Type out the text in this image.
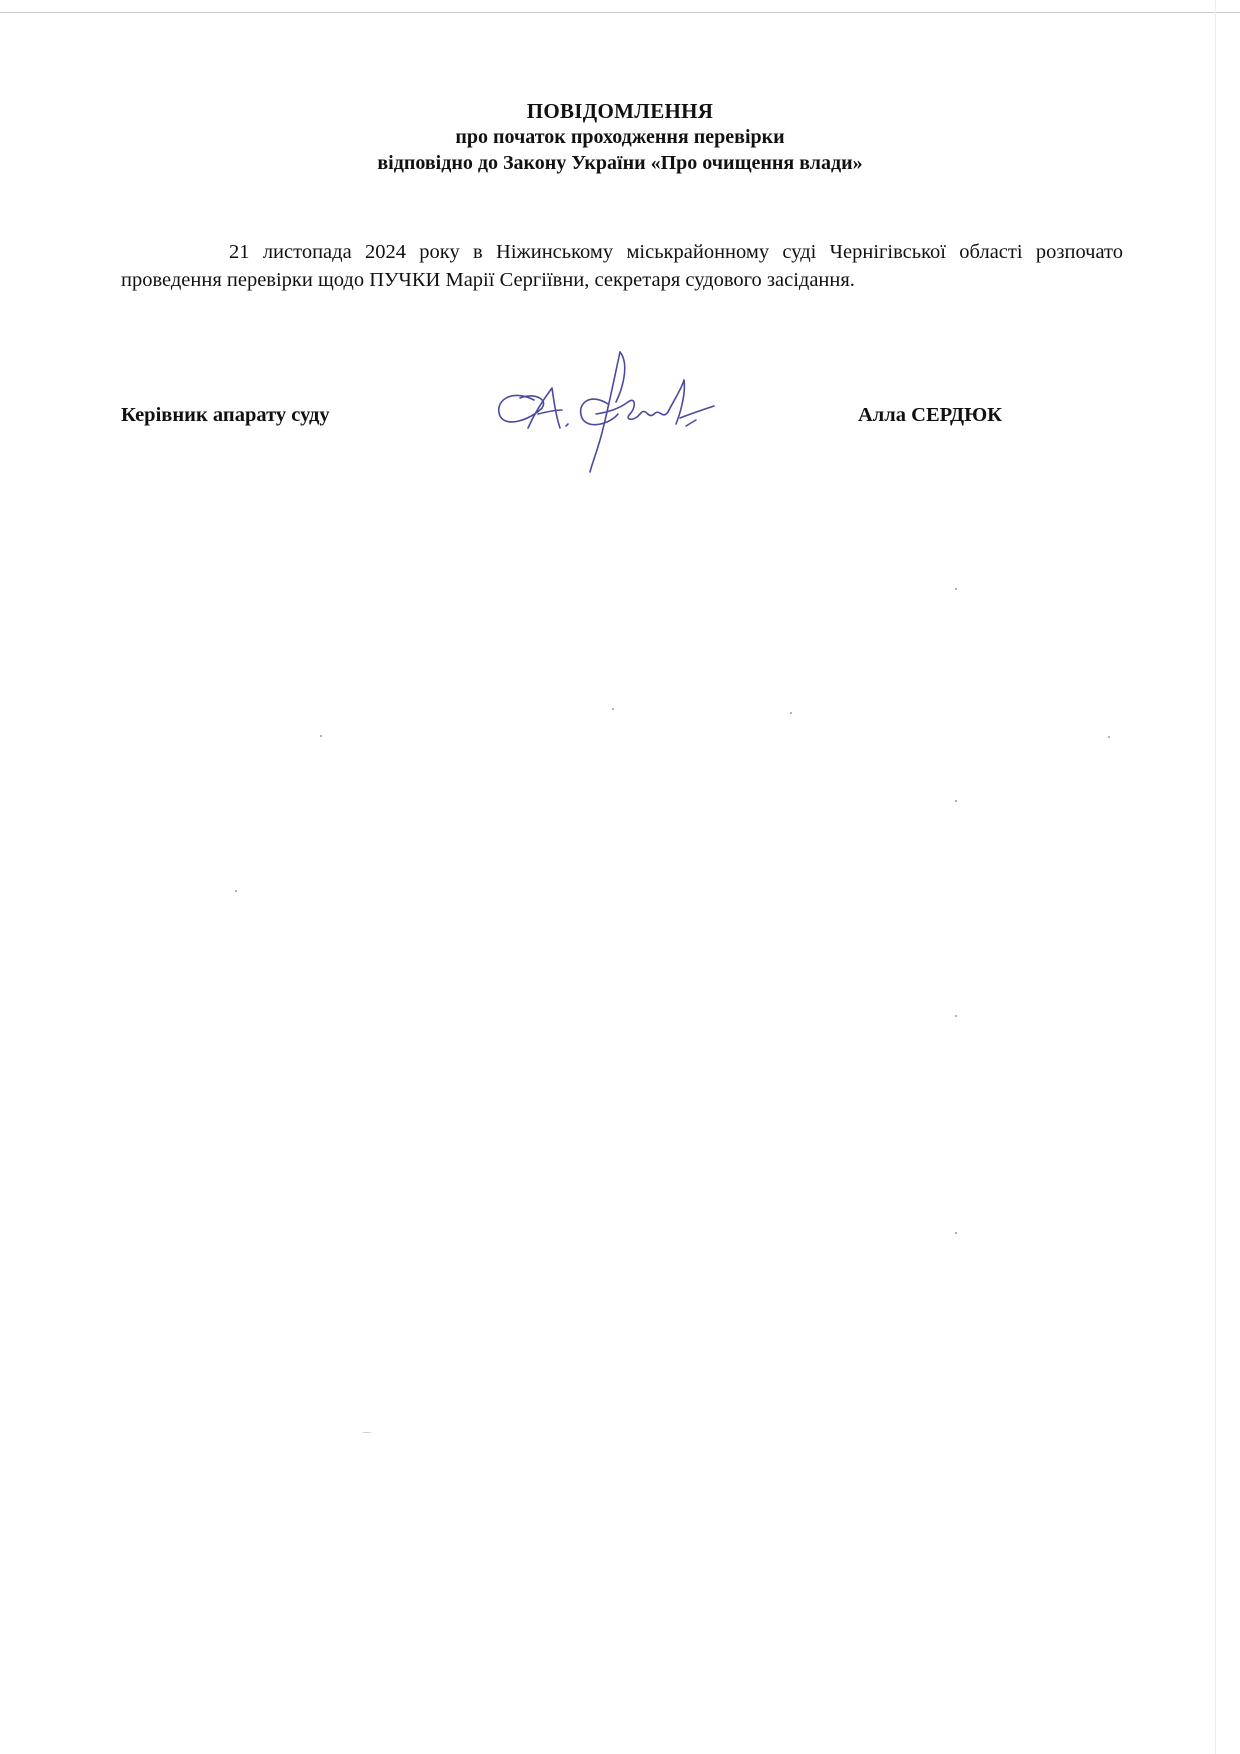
ПОВІДОМЛЕННЯ
про початок проходження перевірки
відповідно до Закону України «Про очищення влади»
21 листопада 2024 року в Ніжинському міськрайонному суді Чернігівської області розпочато проведення перевірки щодо ПУЧКИ Марії Сергіївни, секретаря судового засідання.
Керівник апарату суду	Алла СЕРДЮК
